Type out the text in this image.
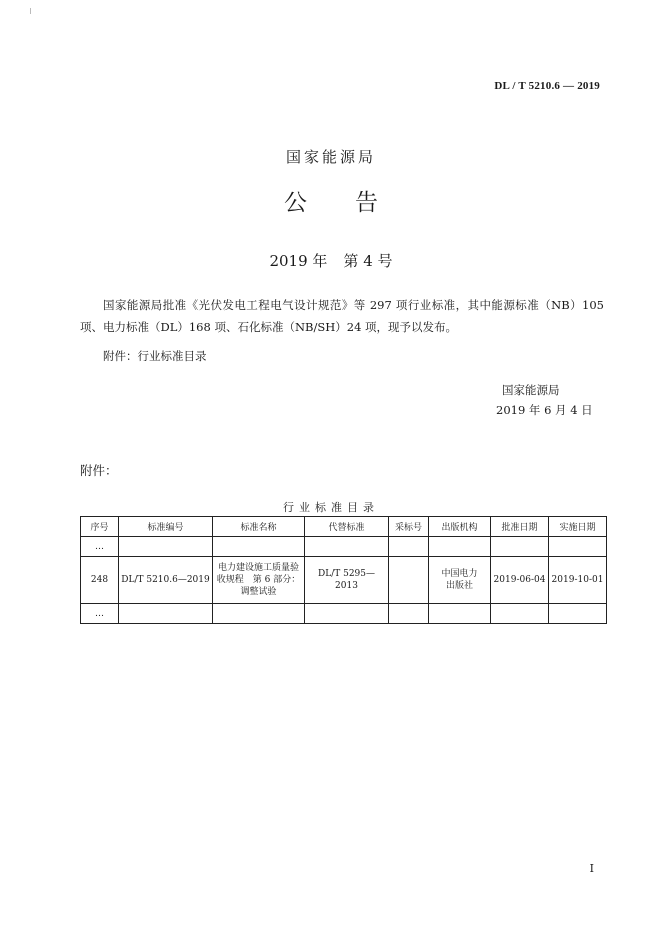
DL / T 5210.6 — 2019
国家能源局
公 告
2019 年 第 4 号
国家能源局批准《光伏发电工程电气设计规范》等 297 项行业标准，其中能源标准（NB）105 项、电力标准（DL）168 项、石化标准（NB/SH）24 项，现予以发布。
附件：行业标准目录
国家能源局
2019 年 6 月 4 日
附件：
行业标准目录
序号	标准编号	标准名称	代替标准	采标号	出版机构	批准日期	实施日期
…							
248	DL/T 5210.6—2019	电力建设施工质量验收规程　第 6 部分：调整试验	DL/T 5295—2013		中国电力出版社	2019-06-04	2019-10-01
…							
I
